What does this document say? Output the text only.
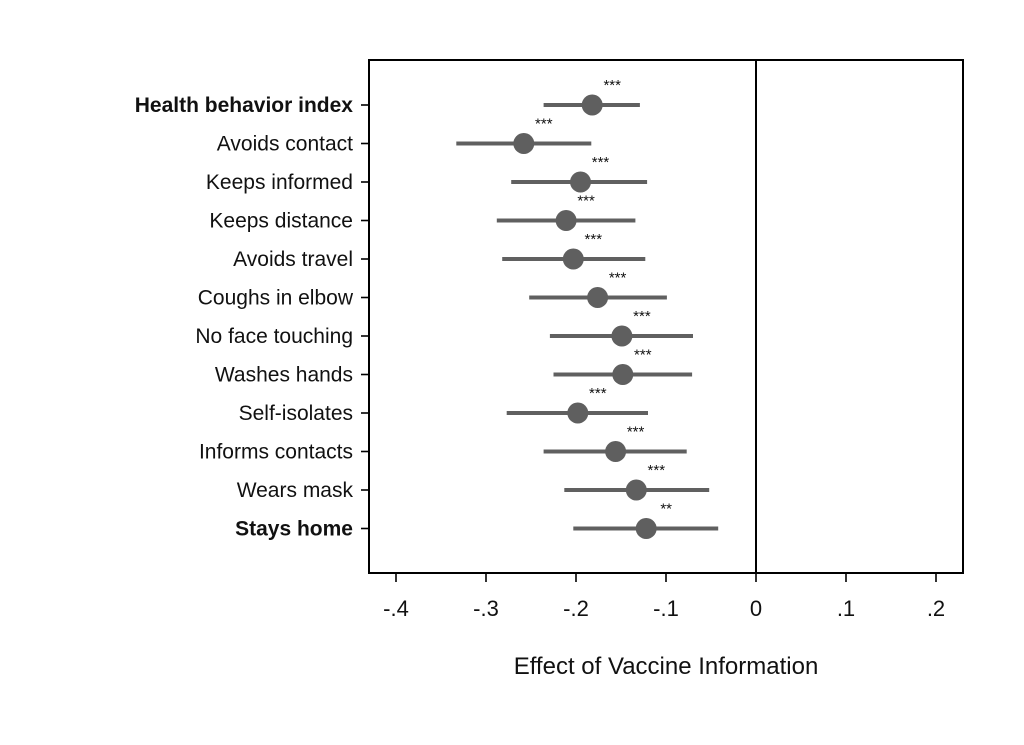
***
***
***
***
***
***
***
***
***
***
***
**
Health behavior index
Avoids contact
Keeps informed
Keeps distance
Avoids travel
Coughs in elbow
No face touching
Washes hands
Self-isolates
Informs contacts
Wears mask
Stays home
-.4	-.3	-.2	-.1	0	.1	.2
Effect of Vaccine Information
